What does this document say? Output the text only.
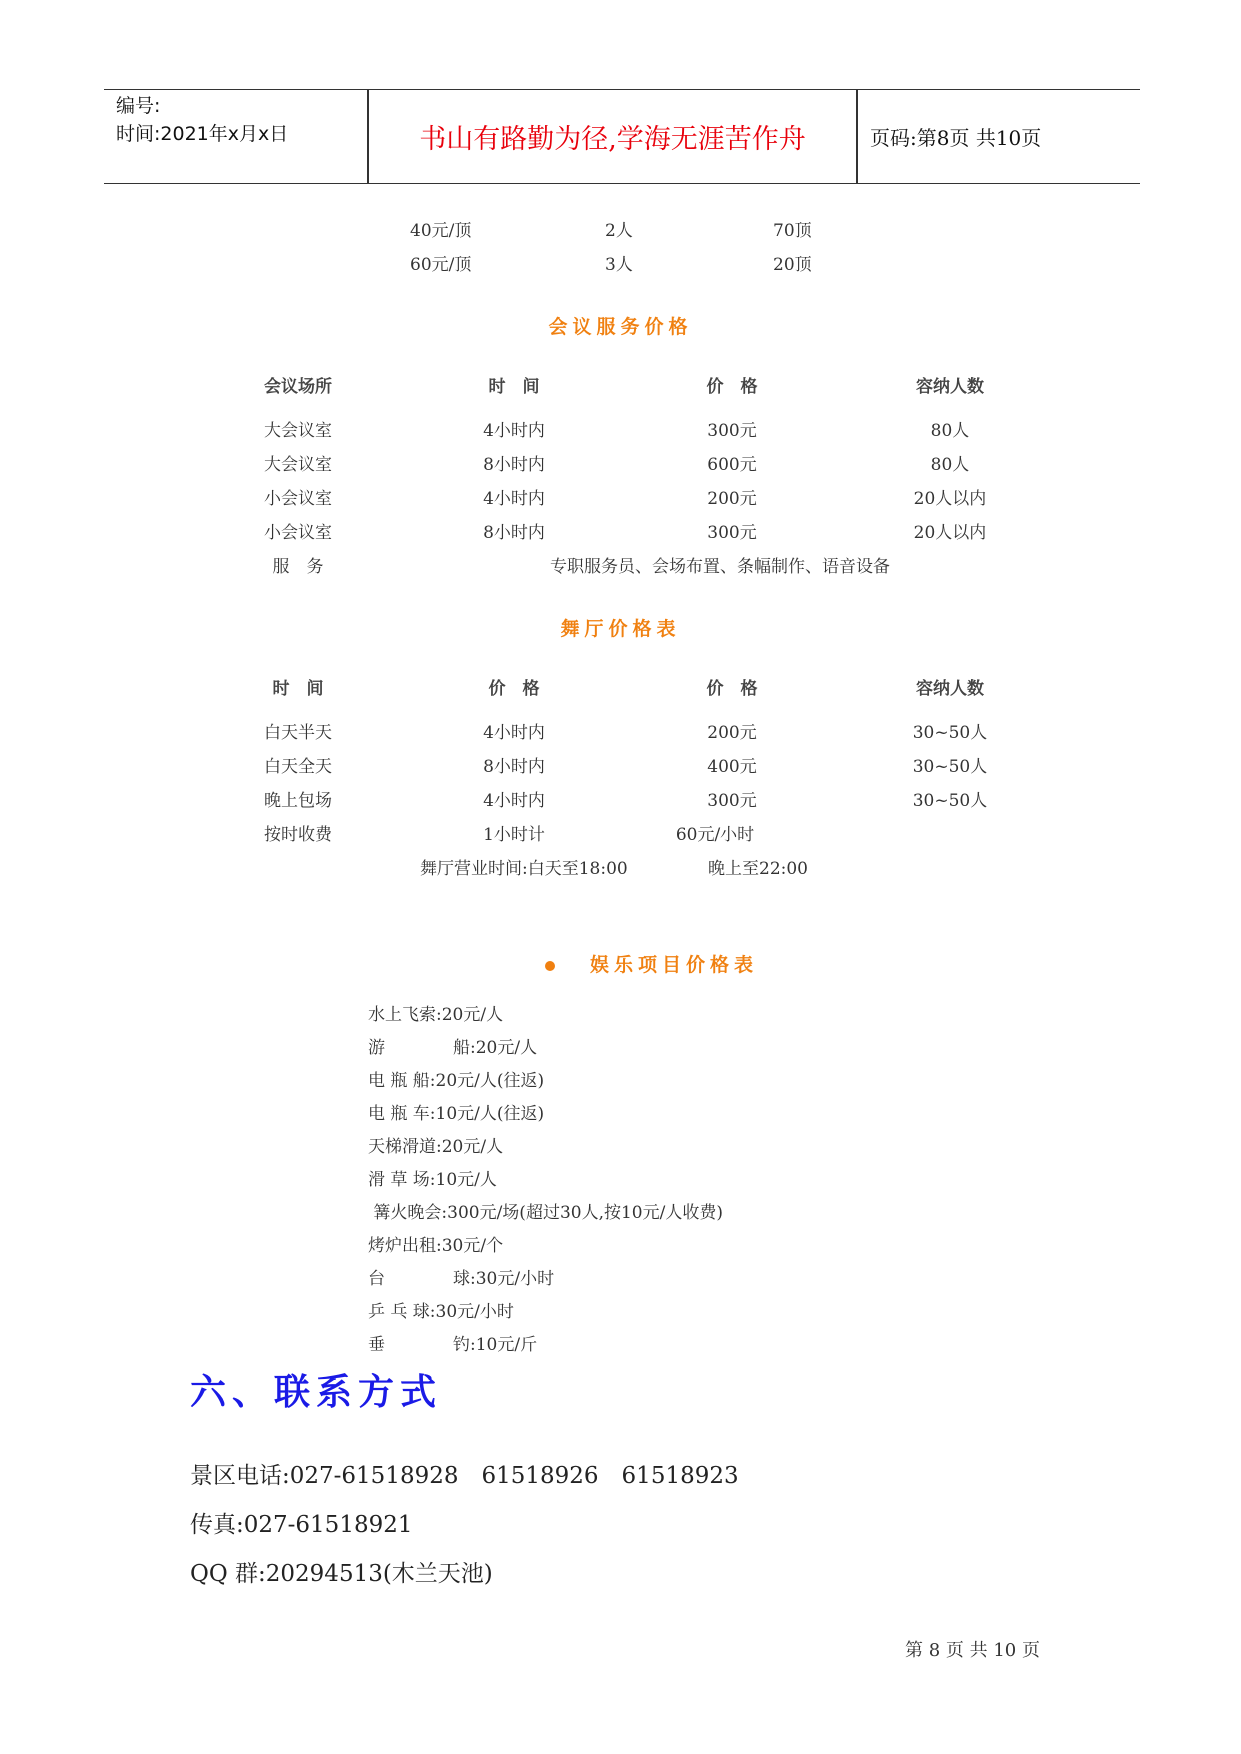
编号:
时间:2021年x月x日	书山有路勤为径,学海无涯苦作舟	页码:第8页 共10页
40元/顶	2人	70顶
60元/顶	3人	20顶
会议服务价格
会议场所	时　间	价　格	容纳人数
大会议室	4小时内	300元	80人
大会议室	8小时内	600元	80人
小会议室	4小时内	200元	20人以内
小会议室	8小时内	300元	20人以内
服　务	专职服务员、会场布置、条幅制作、语音设备
舞厅价格表
时　间	价　格	价　格	容纳人数
白天半天	4小时内	200元	30~50人
白天全天	8小时内	400元	30~50人
晚上包场	4小时内	300元	30~50人
按时收费	1小时计	60元/小时
舞厅营业时间:白天至18:00	晚上至22:00
娱乐项目价格表
水上飞索:20元/人
游　　　　船:20元/人
电 瓶 船:20元/人(往返)
电 瓶 车:10元/人(往返)
天梯滑道:20元/人
滑 草 场:10元/人
篝火晚会:300元/场(超过30人,按10元/人收费)
烤炉出租:30元/个
台　　　　球:30元/小时
乒 乓 球:30元/小时
垂　　　　钓:10元/斤
六、联系方式
景区电话:027-61518928　61518926　61518923
传真:027-61518921
QQ 群:20294513(木兰天池)
第 8 页 共 10 页
